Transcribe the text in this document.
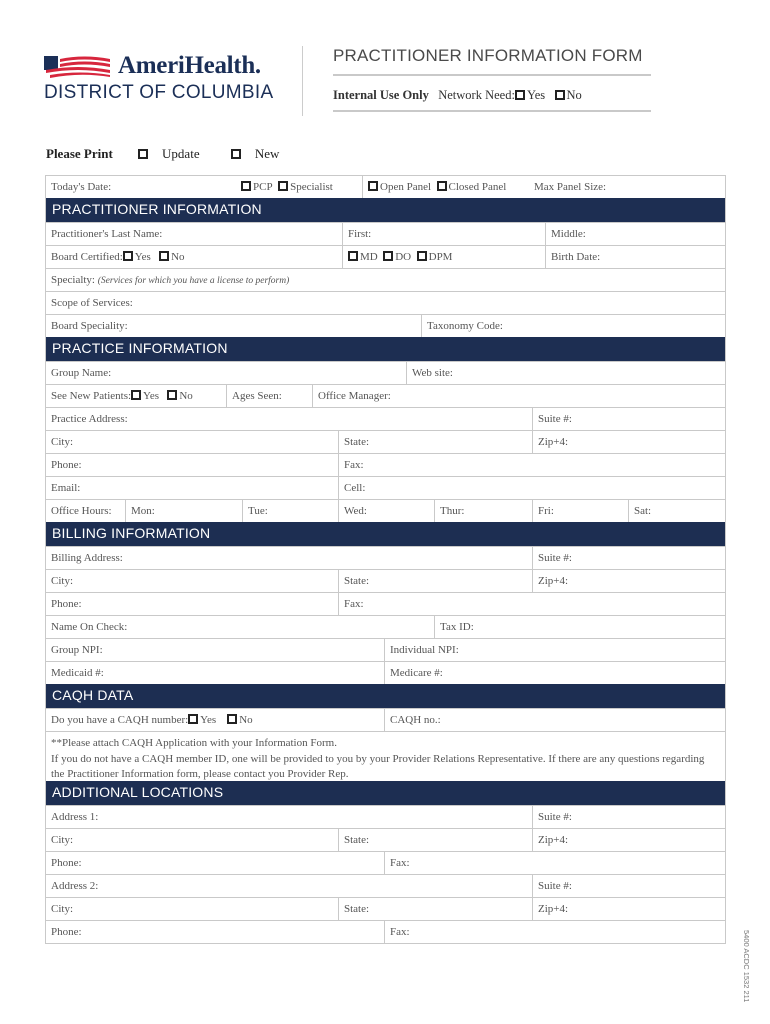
AmeriHealth.
DISTRICT OF COLUMBIA
PRACTITIONER INFORMATION FORM
Internal Use Only Network Need: Yes No
Please Print	Update	New
Today's Date:	PCP Specialist	Open Panel Closed Panel	Max Panel Size:
PRACTITIONER INFORMATION
Practitioner's Last Name:	First:	Middle:
Board Certified: Yes No	MD DO DPM	Birth Date:
Specialty: (Services for which you have a license to perform)
Scope of Services:
Board Speciality:	Taxonomy Code:
PRACTICE INFORMATION
Group Name:	Web site:
See New Patients: Yes No	Ages Seen:	Office Manager:
Practice Address:	Suite #:
City:	State:	Zip+4:
Phone:	Fax:
Email:	Cell:
Office Hours:	Mon:	Tue:	Wed:	Thur:	Fri:	Sat:
BILLING INFORMATION
Billing Address:	Suite #:
City:	State:	Zip+4:
Phone:	Fax:
Name On Check:	Tax ID:
Group NPI:	Individual NPI:
Medicaid #:	Medicare #:
CAQH DATA
Do you have a CAQH number: Yes No	CAQH no.:
**Please attach CAQH Application with your Information Form.
If you do not have a CAQH member ID, one will be provided to you by your Provider Relations Representative. If there are any questions regarding the Practitioner Information form, please contact you Provider Rep.
ADDITIONAL LOCATIONS
Address 1:	Suite #:
City:	State:	Zip+4:
Phone:	Fax:
Address 2:	Suite #:
City:	State:	Zip+4:
Phone:	Fax:	5400 ACDC 1532 211
